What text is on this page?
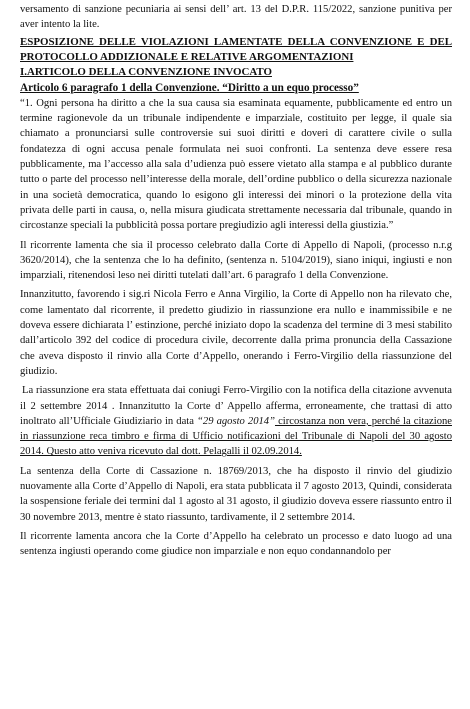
versamento di sanzione pecuniaria ai sensi dell’ art. 13 del D.P.R. 115/2022, sanzione punitiva per aver intento la lite.

ESPOSIZIONE DELLE VIOLAZIONI LAMENTATE DELLA CONVENZIONE E DEL PROTOCOLLO ADDIZIONALE E RELATIVE ARGOMENTAZIONI

I.ARTICOLO DELLA CONVENZIONE INVOCATO

Articolo 6 paragrafo 1 della Convenzione. “Diritto a un equo processo”

“1. Ogni persona ha diritto a che la sua causa sia esaminata equamente, pubblicamente ed entro un termine ragionevole da un tribunale indipendente e imparziale, costituito per legge, il quale sia chiamato a pronunciarsi sulle controversie sui suoi diritti e doveri di carattere civile o sulla fondatezza di ogni accusa penale formulata nei suoi confronti. La sentenza deve essere resa pubblicamente, ma l’accesso alla sala d’udienza può essere vietato alla stampa e al pubblico durante tutto o parte del processo nell’interesse della morale, dell’ordine pubblico o della sicurezza nazionale in una società democratica, quando lo esigono gli interessi dei minori o la protezione della vita privata delle parti in causa, o, nella misura giudicata strettamente necessaria dal tribunale, quando in circostanze speciali la pubblicità possa portare pregiudizio agli interessi della giustizia.”

Il ricorrente lamenta che sia il processo celebrato dalla Corte di Appello di Napoli, (processo n.r.g 3620/2014), che la sentenza che lo ha definito, (sentenza n. 5104/2019), siano iniqui, ingiusti e non imparziali, ritenendosi leso nei diritti tutelati dall’art. 6 paragrafo 1 della Convenzione.

Innanzitutto, favorendo i sig.ri Nicola Ferro e Anna Virgilio, la Corte di Appello non ha rilevato che, come lamentato dal ricorrente, il predetto giudizio in riassunzione era nullo e inammissibile e ne doveva essere dichiarata l’ estinzione, perché iniziato dopo la scadenza del termine di 3 mesi stabilito dall’articolo 392 del codice di procedura civile, decorrente dalla prima pronuncia della Cassazione che aveva disposto il rinvio alla Corte d’Appello, onerando i Ferro-Virgilio della riassunzione del giudizio.

La riassunzione era stata effettuata dai coniugi Ferro-Virgilio con la notifica della citazione avvenuta il 2 settembre 2014 . Innanzitutto la Corte d’ Appello afferma, erroneamente, che trattasi di atto inoltrato all’Ufficiale Giudiziario in data “29 agosto 2014” circostanza non vera, perché la citazione in riassunzione reca timbro e firma di Ufficio notificazioni del Tribunale di Napoli del 30 agosto 2014. Questo atto veniva ricevuto dal dott. Pelagalli il 02.09.2014.

La sentenza della Corte di Cassazione n. 18769/2013, che ha disposto il rinvio del giudizio nuovamente alla Corte d’Appello di Napoli, era stata pubblicata il 7 agosto 2013, Quindi, considerata la sospensione feriale dei termini dal 1 agosto al 31 agosto, il giudizio doveva essere riassunto entro il 30 novembre 2013, mentre è stato riassunto, tardivamente, il 2 settembre 2014.

Il ricorrente lamenta ancora che la Corte d’Appello ha celebrato un processo e dato luogo ad una sentenza ingiusti operando come giudice non imparziale e non equo condannandolo per
